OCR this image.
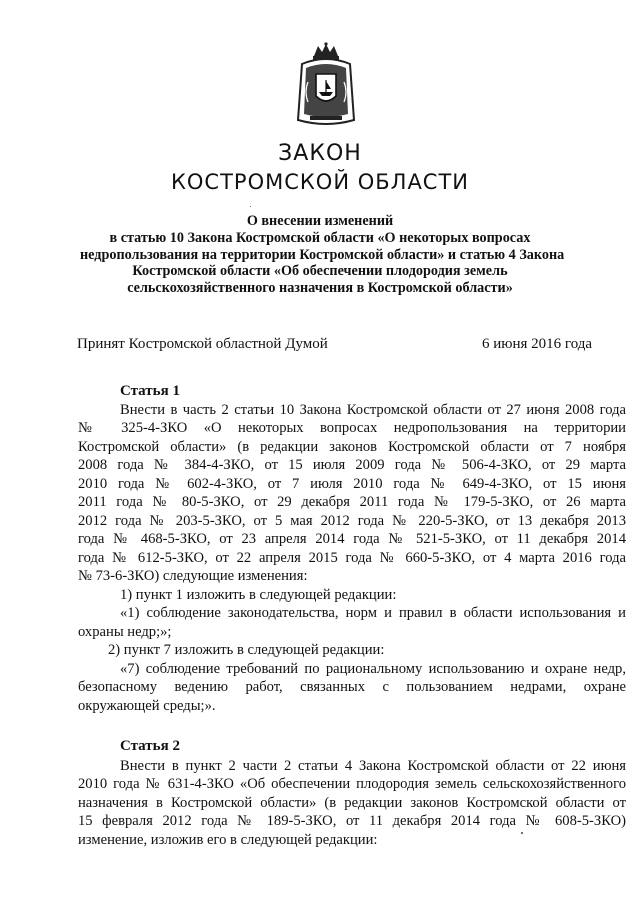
ЗАКОН
КОСТРОМСКОЙ ОБЛАСТИ
О внесении изменений
в статью 10 Закона Костромской области «О некоторых вопросах
недропользования на территории Костромской области» и статью 4 Закона
Костромской области «Об обеспечении плодородия земель
сельскохозяйственного назначения в Костромской области»
Принят Костромской областной Думой	6 июня 2016 года
Статья 1
Внести в часть 2 статьи 10 Закона Костромской области от 27 июня 2008 года
№ 325-4-ЗКО «О некоторых вопросах недропользования на территории
Костромской области» (в редакции законов Костромской области от 7 ноября
2008 года № 384-4-ЗКО, от 15 июля 2009 года № 506-4-ЗКО, от 29 марта
2010 года № 602-4-ЗКО, от 7 июля 2010 года № 649-4-ЗКО, от 15 июня
2011 года № 80-5-ЗКО, от 29 декабря 2011 года № 179-5-ЗКО, от 26 марта
2012 года № 203-5-ЗКО, от 5 мая 2012 года № 220-5-ЗКО, от 13 декабря 2013
года № 468-5-ЗКО, от 23 апреля 2014 года № 521-5-ЗКО, от 11 декабря 2014
года № 612-5-ЗКО, от 22 апреля 2015 года № 660-5-ЗКО, от 4 марта 2016 года
№ 73-6-ЗКО) следующие изменения:
1) пункт 1 изложить в следующей редакции:
«1) соблюдение законодательства, норм и правил в области использования и
охраны недр;»;
2) пункт 7 изложить в следующей редакции:
«7) соблюдение требований по рациональному использованию и охране недр,
безопасному ведению работ, связанных с пользованием недрами, охране
окружающей среды;».
Статья 2
Внести в пункт 2 части 2 статьи 4 Закона Костромской области от 22 июня
2010 года № 631-4-ЗКО «Об обеспечении плодородия земель сельскохозяйственного
назначения в Костромской области» (в редакции законов Костромской области от
15 февраля 2012 года № 189-5-ЗКО, от 11 декабря 2014 года № 608-5-ЗКО)
изменение, изложив его в следующей редакции:
